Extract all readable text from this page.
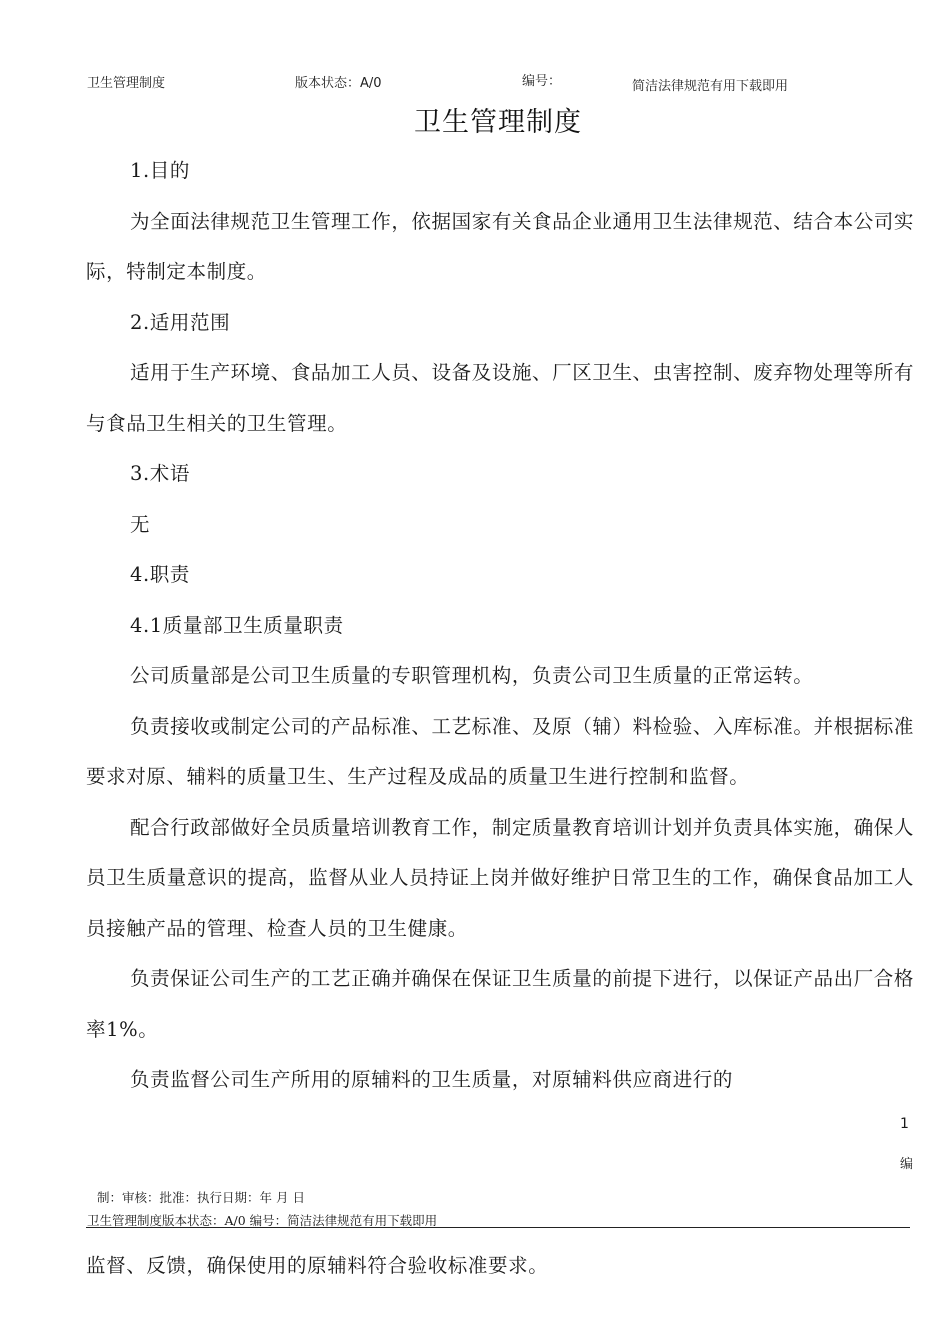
卫生管理制度	版本状态：A/0	编号：	简洁法律规范有用下载即用
卫生管理制度

1.目的

为全面法律规范卫生管理工作，依据国家有关食品企业通用卫生法律规范、结合本公司实际，特制定本制度。

2.适用范围

适用于生产环境、食品加工人员、设备及设施、厂区卫生、虫害控制、废弃物处理等所有与食品卫生相关的卫生管理。

3.术语

无

4.职责

4.1质量部卫生质量职责

公司质量部是公司卫生质量的专职管理机构，负责公司卫生质量的正常运转。

负责接收或制定公司的产品标准、工艺标准、及原（辅）料检验、入库标准。并根据标准要求对原、辅料的质量卫生、生产过程及成品的质量卫生进行控制和监督。

配合行政部做好全员质量培训教育工作，制定质量教育培训计划并负责具体实施，确保人员卫生质量意识的提高，监督从业人员持证上岗并做好维护日常卫生的工作，确保食品加工人员接触产品的管理、检查人员的卫生健康。

负责保证公司生产的工艺正确并确保在保证卫生质量的前提下进行，以保证产品出厂合格率1%。

负责监督公司生产所用的原辅料的卫生质量，对原辅料供应商进行的

1
编
制：审核：批准：执行日期：年 月 日
卫生管理制度版本状态：A/0 编号：简洁法律规范有用下载即用
监督、反馈，确保使用的原辅料符合验收标准要求。
